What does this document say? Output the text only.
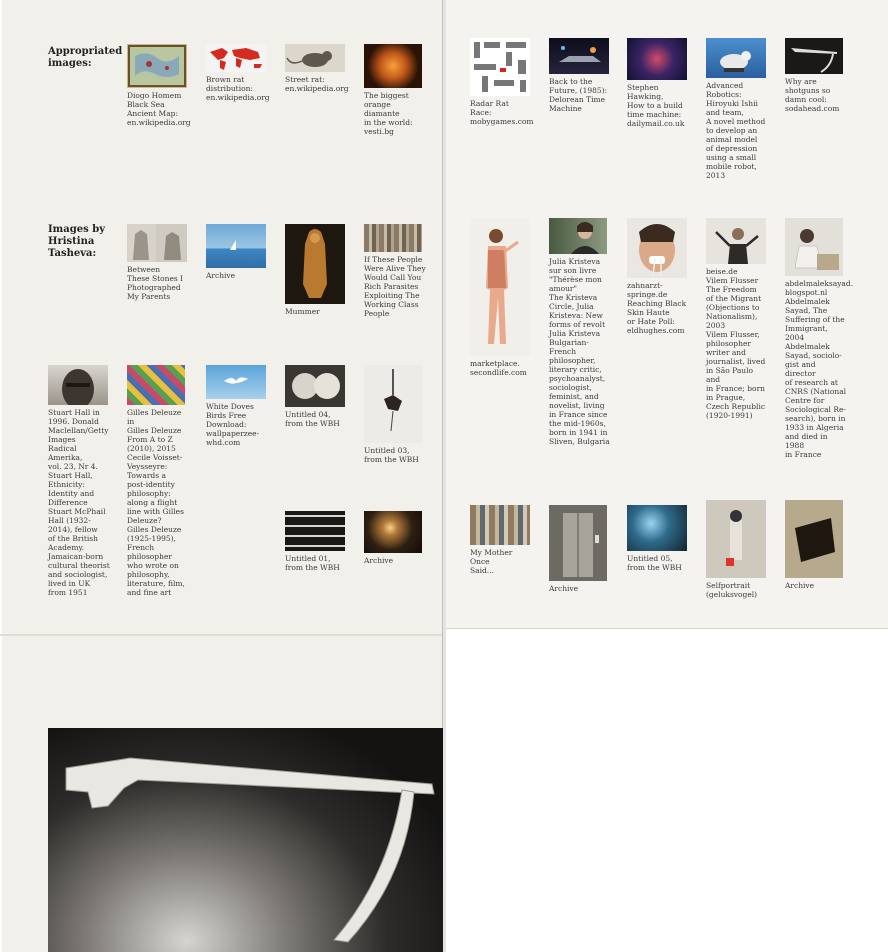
Appropriated
images:
Images by
Hristina
Tasheva:
Diogo Homem
Black Sea
Ancient Map:
en.wikipedia.org
Brown rat
distribution:
en.wikipedia.org
Street rat:
en.wikipedia.org
The biggest
orange diamante
in the world:
vesti.bg
Between
These Stones I
Photographed
My Parents
Archive
Mummer
If These People
Were Alive They
Would Call You
Rich Parasites
Exploiting The
Working Class
People
Stuart Hall in
1996. Donald
Maclellan/Getty
Images
Radical Amerika,
vol. 23, Nr 4.
Stuart Hall,
Ethnicity:
Identity and
Difference
Stuart McPhail
Hall (1932-
2014), fellow
of the British
Academy.
Jamaican-born
cultural theorist
and sociologist,
lived in UK
from 1951
Gilles Deleuze in
Gilles Deleuze
From A to Z
(2010), 2015
Cecile Voisset-
Veysseyre:
Towards a
post-identity
philosophy:
along a flight
line with Gilles
Deleuze?
Gilles Deleuze
(1925-1995),
French
philosopher
who wrote on
philosophy,
literature, film,
and fine art
White Doves
Birds Free
Download:
wallpaperzee-
whd.com
Untitled 04,
from the WBH
Untitled 03,
from the WBH
Untitled 01,
from the WBH
Archive
Radar Rat Race:
mobygames.com
Back to the
Future, (1985):
Delorean Time
Machine
Stephen
Hawking,
How to a build
time machine:
dailymail.co.uk
Advanced
Robotics:
Hiroyuki Ishii
and team,
A novel method
to develop an
animal model
of depression
using a small
mobile robot,
2013
Why are
shotguns so
damn cool:
sodahead.com
marketplace.
secondlife.com
Julia Kristeva
sur son livre
"Thérèse mon
amour"
The Kristeva
Circle, Julia
Kristeva: New
forms of revolt
Julia Kristeva
Bulgarian-French
philosopher,
literary critic,
psychoanalyst,
sociologist,
feminist, and
novelist, living
in France since
the mid-1960s,
born in 1941 in
Sliven, Bulgaria
zahnarzt-
springe.de
Reaching Black
Skin Haute
or Hate Poll:
eldhughes.com
beise.de
Vilem Flusser
The Freedom
of the Migrant
(Objections to
Nationalism),
2003
Vilem Flusser,
philosopher
writer and
journalist, lived
in São Paulo and
in France; born
in Prague,
Czech Republic
(1920-1991)
abdelmaleksayad.
blogspot.nl
Abdelmalek
Sayad, The
Suffering of the
Immigrant, 2004
Abdelmalek
Sayad, sociolo-
gist and director
of research at
CNRS (National
Centre for
Sociological Re-
search), born in
1933 in Algeria
and died in 1988
in France
My Mother Once
Said...
Archive
Untitled 05,
from the WBH
Selfportrait
(geluksvogel)
Archive
